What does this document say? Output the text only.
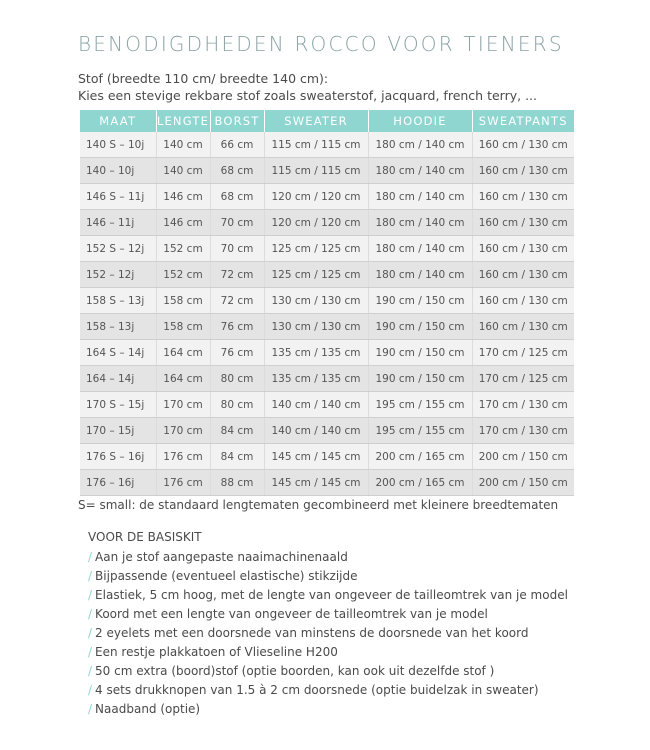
BENODIGDHEDEN ROCCO VOOR TIENERS
Stof (breedte 110 cm/ breedte 140 cm):
Kies een stevige rekbare stof zoals sweaterstof, jacquard, french terry, ...
MAAT	LENGTE	BORST	SWEATER	HOODIE	SWEATPANTS
140 S – 10j	140 cm	66 cm	115 cm / 115 cm	180 cm / 140 cm	160 cm / 130 cm
140 – 10j	140 cm	68 cm	115 cm / 115 cm	180 cm / 140 cm	160 cm / 130 cm
146 S – 11j	146 cm	68 cm	120 cm / 120 cm	180 cm / 140 cm	160 cm / 130 cm
146 – 11j	146 cm	70 cm	120 cm / 120 cm	180 cm / 140 cm	160 cm / 130 cm
152 S – 12j	152 cm	70 cm	125 cm / 125 cm	180 cm / 140 cm	160 cm / 130 cm
152 – 12j	152 cm	72 cm	125 cm / 125 cm	180 cm / 140 cm	160 cm / 130 cm
158 S – 13j	158 cm	72 cm	130 cm / 130 cm	190 cm / 150 cm	160 cm / 130 cm
158 – 13j	158 cm	76 cm	130 cm / 130 cm	190 cm / 150 cm	160 cm / 130 cm
164 S – 14j	164 cm	76 cm	135 cm / 135 cm	190 cm / 150 cm	170 cm / 125 cm
164 – 14j	164 cm	80 cm	135 cm / 135 cm	190 cm / 150 cm	170 cm / 125 cm
170 S – 15j	170 cm	80 cm	140 cm / 140 cm	195 cm / 155 cm	170 cm / 130 cm
170 – 15j	170 cm	84 cm	140 cm / 140 cm	195 cm / 155 cm	170 cm / 130 cm
176 S – 16j	176 cm	84 cm	145 cm / 145 cm	200 cm / 165 cm	200 cm / 150 cm
176 – 16j	176 cm	88 cm	145 cm / 145 cm	200 cm / 165 cm	200 cm / 150 cm
S= small: de standaard lengtematen gecombineerd met kleinere breedtematen
VOOR DE BASISKIT
/ Aan je stof aangepaste naaimachinenaald
/ Bijpassende (eventueel elastische) stikzijde
/ Elastiek, 5 cm hoog, met de lengte van ongeveer de tailleomtrek van je model
/ Koord met een lengte van ongeveer de tailleomtrek van je model
/ 2 eyelets met een doorsnede van minstens de doorsnede van het koord
/ Een restje plakkatoen of Vlieseline H200
/ 50 cm extra (boord)stof (optie boorden, kan ook uit dezelfde stof )
/ 4 sets drukknopen van 1.5 à 2 cm doorsnede (optie buidelzak in sweater)
/ Naadband (optie)
